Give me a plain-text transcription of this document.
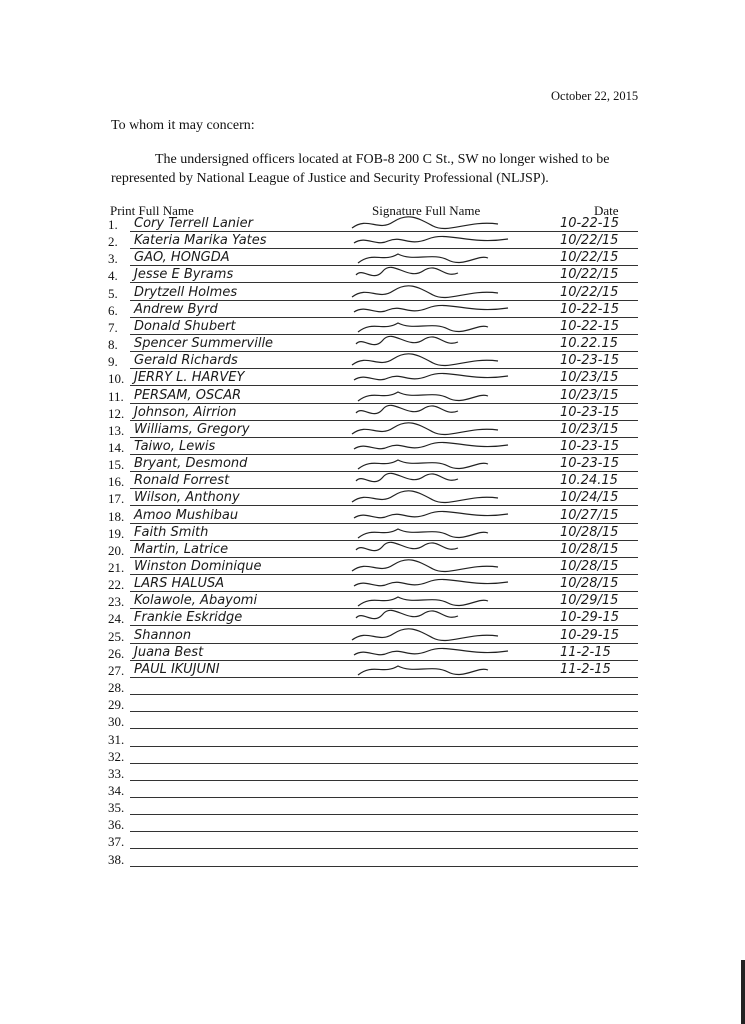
October 22, 2015
To whom it may concern:
The undersigned officers located at FOB-8 200 C St., SW no longer wished to be
represented by National League of Justice and Security Professional (NLJSP).
Print Full Name	Signature Full Name	Date
1.	Cory Terrell Lanier	10-22-15
2.	Kateria Marika Yates	10/22/15
3.	GAO, HONGDA	10/22/15
4.	Jesse E Byrams	10/22/15
5.	Drytzell Holmes	10/22/15
6.	Andrew Byrd	10-22-15
7.	Donald Shubert	10-22-15
8.	Spencer Summerville	10.22.15
9.	Gerald Richards	10-23-15
10. JERRY L. HARVEY	10/23/15
11. PERSAM, OSCAR	10/23/15
12. Johnson, Airrion	10-23-15
13. Williams, Gregory	10/23/15
14. Taiwo, Lewis	10-23-15
15. Bryant, Desmond	10-23-15
16. Ronald Forrest	10.24.15
17. Wilson, Anthony	10/24/15
18. Amoo Mushibau	10/27/15
19. Faith Smith	10/28/15
20. Martin, Latrice	10/28/15
21. Winston Dominique	10/28/15
22. LARS HALUSA	10/28/15
23. Kolawole, Abayomi	10/29/15
24. Frankie Eskridge	10-29-15
25. Shannon	10-29-15
26. Juana Best	11-2-15
27. PAUL IKUJUNI	11-2-15
28.
29.
30.
31.
32.
33.
34.
35.
36.
37.
38.
